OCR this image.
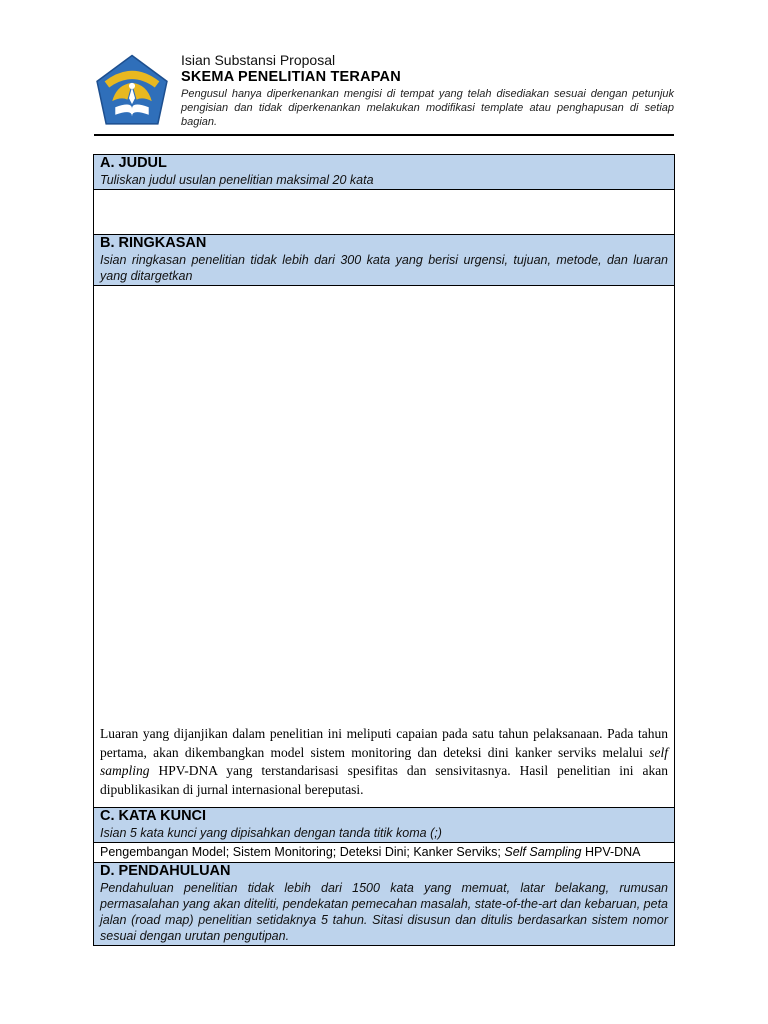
Isian Substansi Proposal
SKEMA PENELITIAN TERAPAN
Pengusul hanya diperkenankan mengisi di tempat yang telah disediakan sesuai dengan petunjuk pengisian dan tidak diperkenankan melakukan modifikasi template atau penghapusan di setiap bagian.
A. JUDUL
Tuliskan judul usulan penelitian maksimal 20 kata
B. RINGKASAN
Isian ringkasan penelitian tidak lebih dari 300 kata yang berisi urgensi, tujuan, metode, dan luaran yang ditargetkan
Luaran yang dijanjikan dalam penelitian ini meliputi capaian pada satu tahun pelaksanaan. Pada tahun pertama, akan dikembangkan model sistem monitoring dan deteksi dini kanker serviks melalui self sampling HPV-DNA yang terstandarisasi spesifitas dan sensivitasnya. Hasil penelitian ini akan dipublikasikan di jurnal internasional bereputasi.
C. KATA KUNCI
Isian 5 kata kunci yang dipisahkan dengan tanda titik koma (;)
Pengembangan Model; Sistem Monitoring; Deteksi Dini; Kanker Serviks; Self Sampling HPV-DNA
D. PENDAHULUAN
Pendahuluan penelitian tidak lebih dari 1500 kata yang memuat, latar belakang, rumusan permasalahan yang akan diteliti, pendekatan pemecahan masalah, state-of-the-art dan kebaruan, peta jalan (road map) penelitian setidaknya 5 tahun. Sitasi disusun dan ditulis berdasarkan sistem nomor sesuai dengan urutan pengutipan.
